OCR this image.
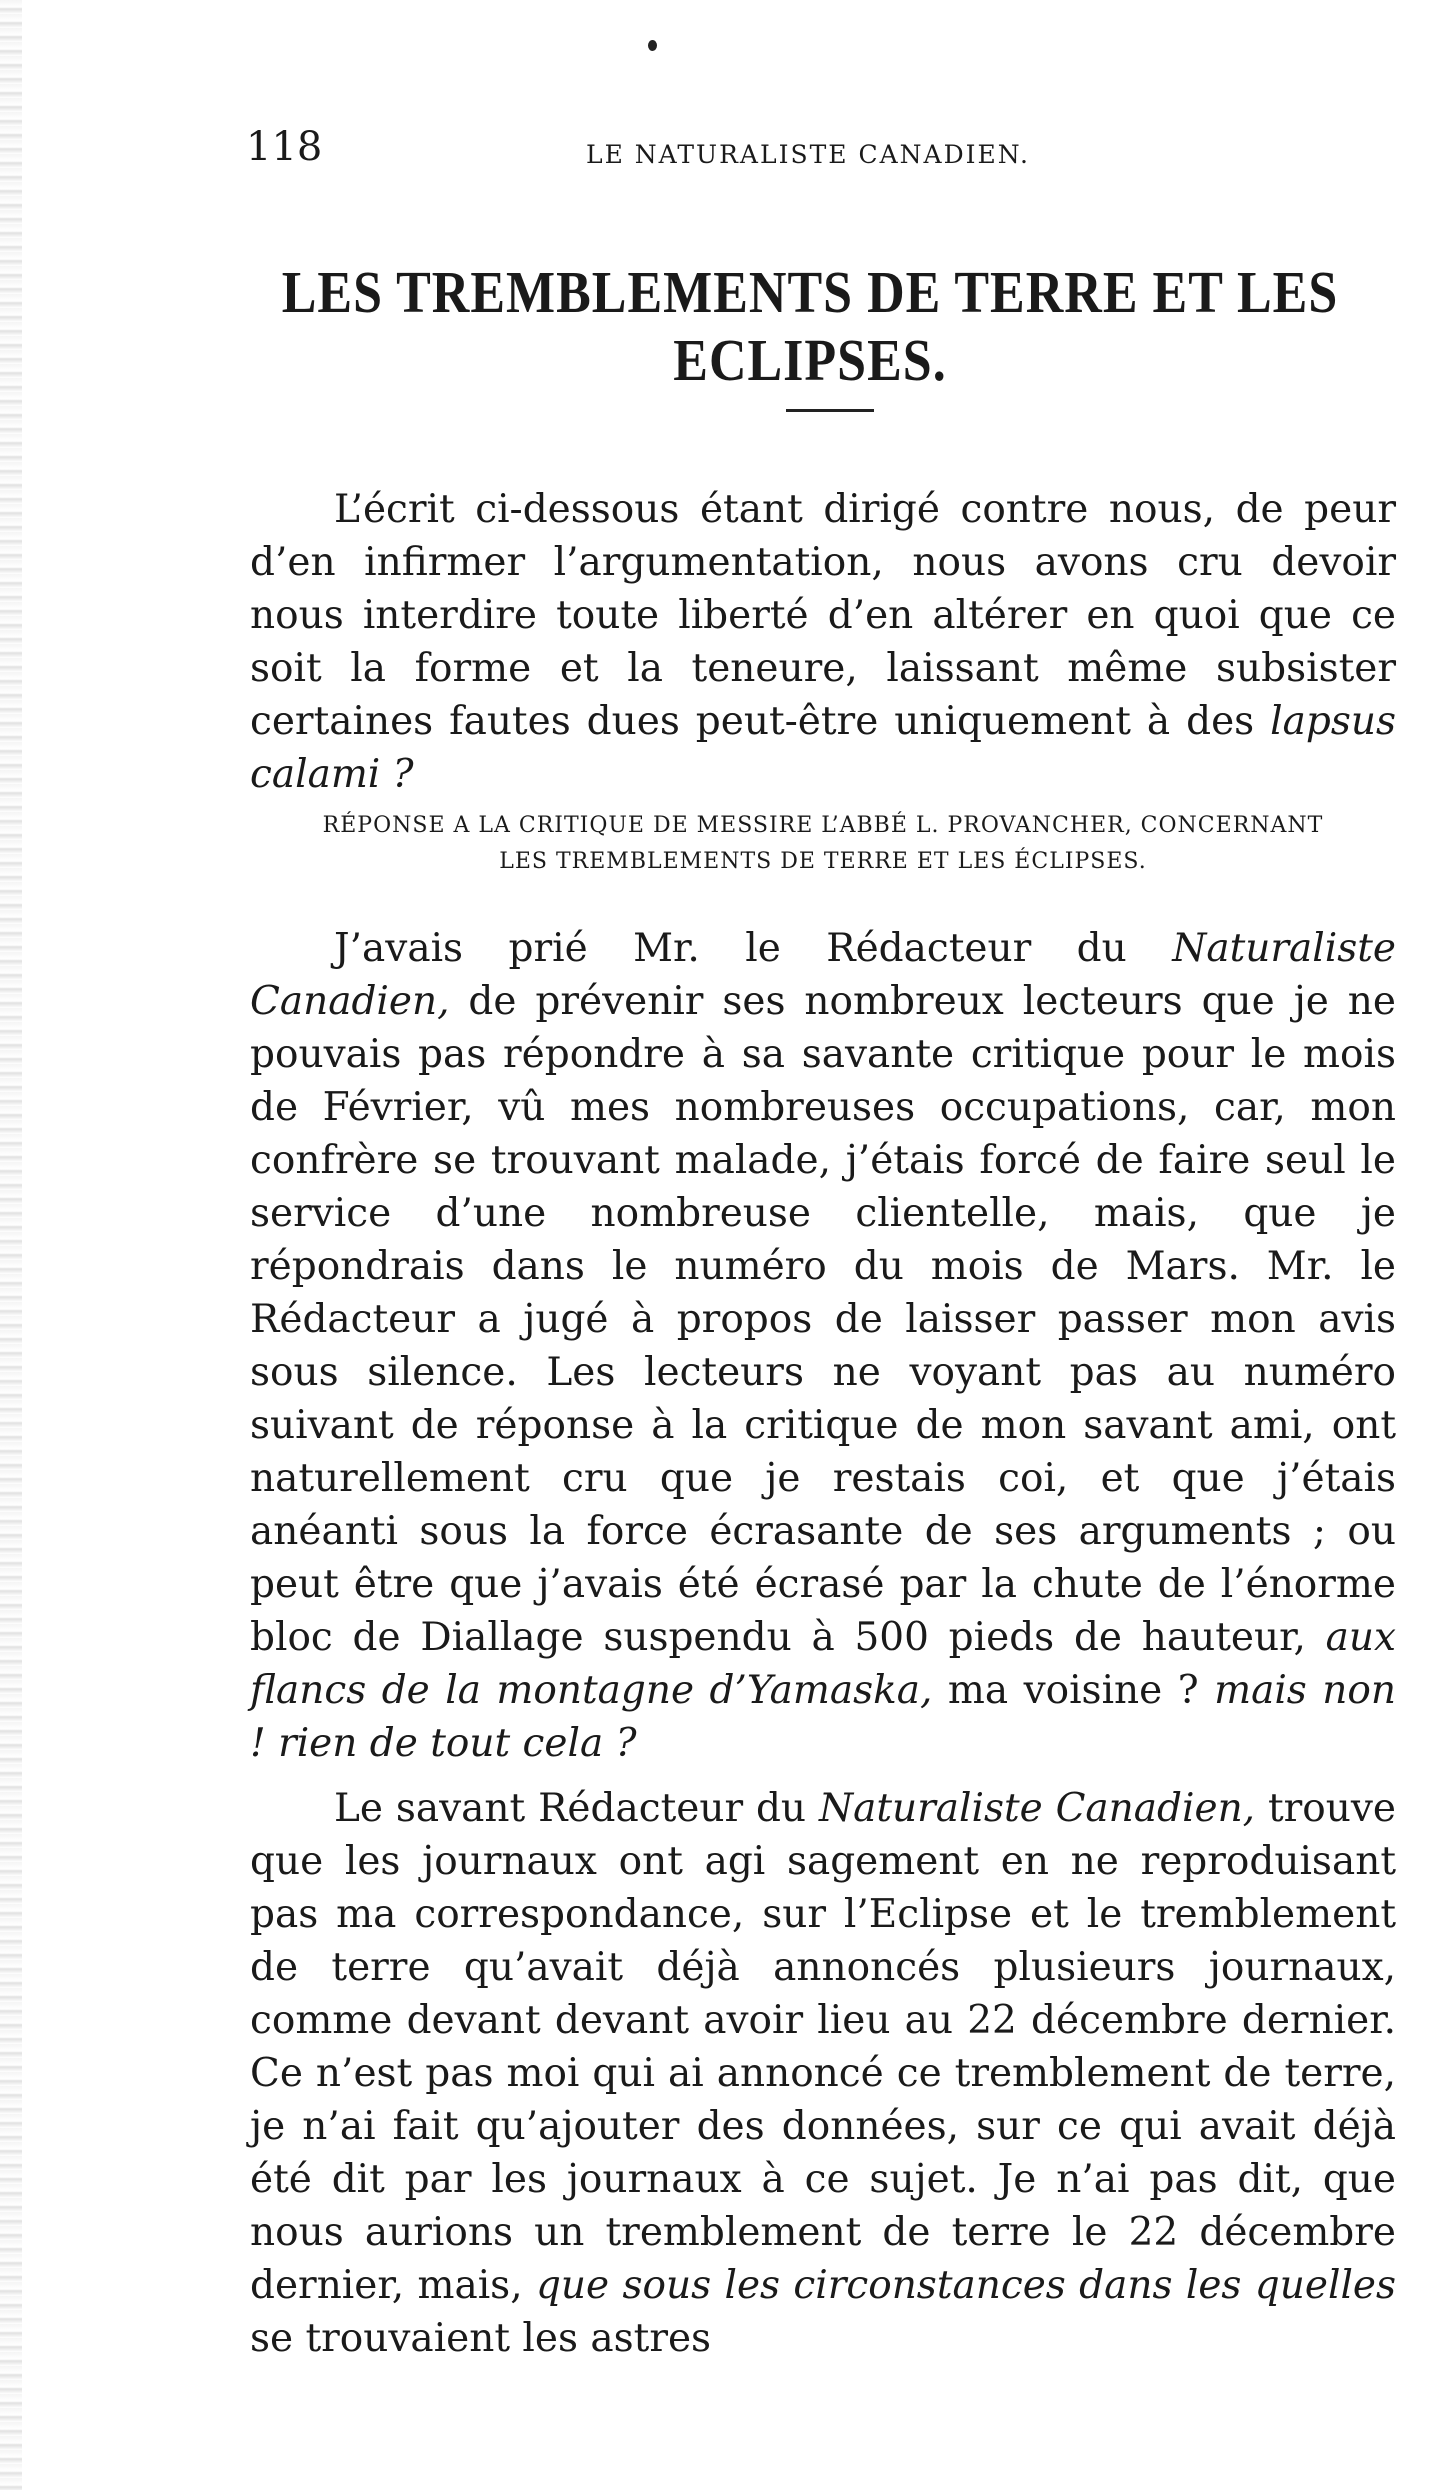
118	LE NATURALISTE CANADIEN.
LES TREMBLEMENTS DE TERRE ET LES ECLIPSES.

L’écrit ci-dessous étant dirigé contre nous, de peur d’en infirmer l’argumentation, nous avons cru devoir nous interdire toute liberté d’en altérer en quoi que ce soit la forme et la teneure, laissant même subsister certaines fautes dues peut-être uniquement à des lapsus calami ?

RÉPONSE A LA CRITIQUE DE MESSIRE L’ABBÉ L. PROVANCHER, CONCERNANT
LES TREMBLEMENTS DE TERRE ET LES ÉCLIPSES.

J’avais prié Mr. le Rédacteur du Naturaliste Canadien, de prévenir ses nombreux lecteurs que je ne pouvais pas répondre à sa savante critique pour le mois de Février, vû mes nombreuses occupations, car, mon confrère se trouvant malade, j’étais forcé de faire seul le service d’une nombreuse clientelle, mais, que je répondrais dans le numéro du mois de Mars. Mr. le Rédacteur a jugé à propos de laisser passer mon avis sous silence. Les lecteurs ne voyant pas au numéro suivant de réponse à la critique de mon savant ami, ont naturellement cru que je restais coi, et que j’étais anéanti sous la force écrasante de ses arguments ; ou peut être que j’avais été écrasé par la chute de l’énorme bloc de Diallage suspendu à 500 pieds de hauteur, aux flancs de la montagne d’Yamaska, ma voisine ? mais non ! rien de tout cela ?

Le savant Rédacteur du Naturaliste Canadien, trouve que les journaux ont agi sagement en ne reproduisant pas ma correspondance, sur l’Eclipse et le tremblement de terre qu’avait déjà annoncés plusieurs journaux, comme devant devant avoir lieu au 22 décembre dernier. Ce n’est pas moi qui ai annoncé ce tremblement de terre, je n’ai fait qu’ajouter des données, sur ce qui avait déjà été dit par les journaux à ce sujet. Je n’ai pas dit, que nous aurions un tremblement de terre le 22 décembre dernier, mais, que sous les circonstances dans les quelles se trouvaient les astres
